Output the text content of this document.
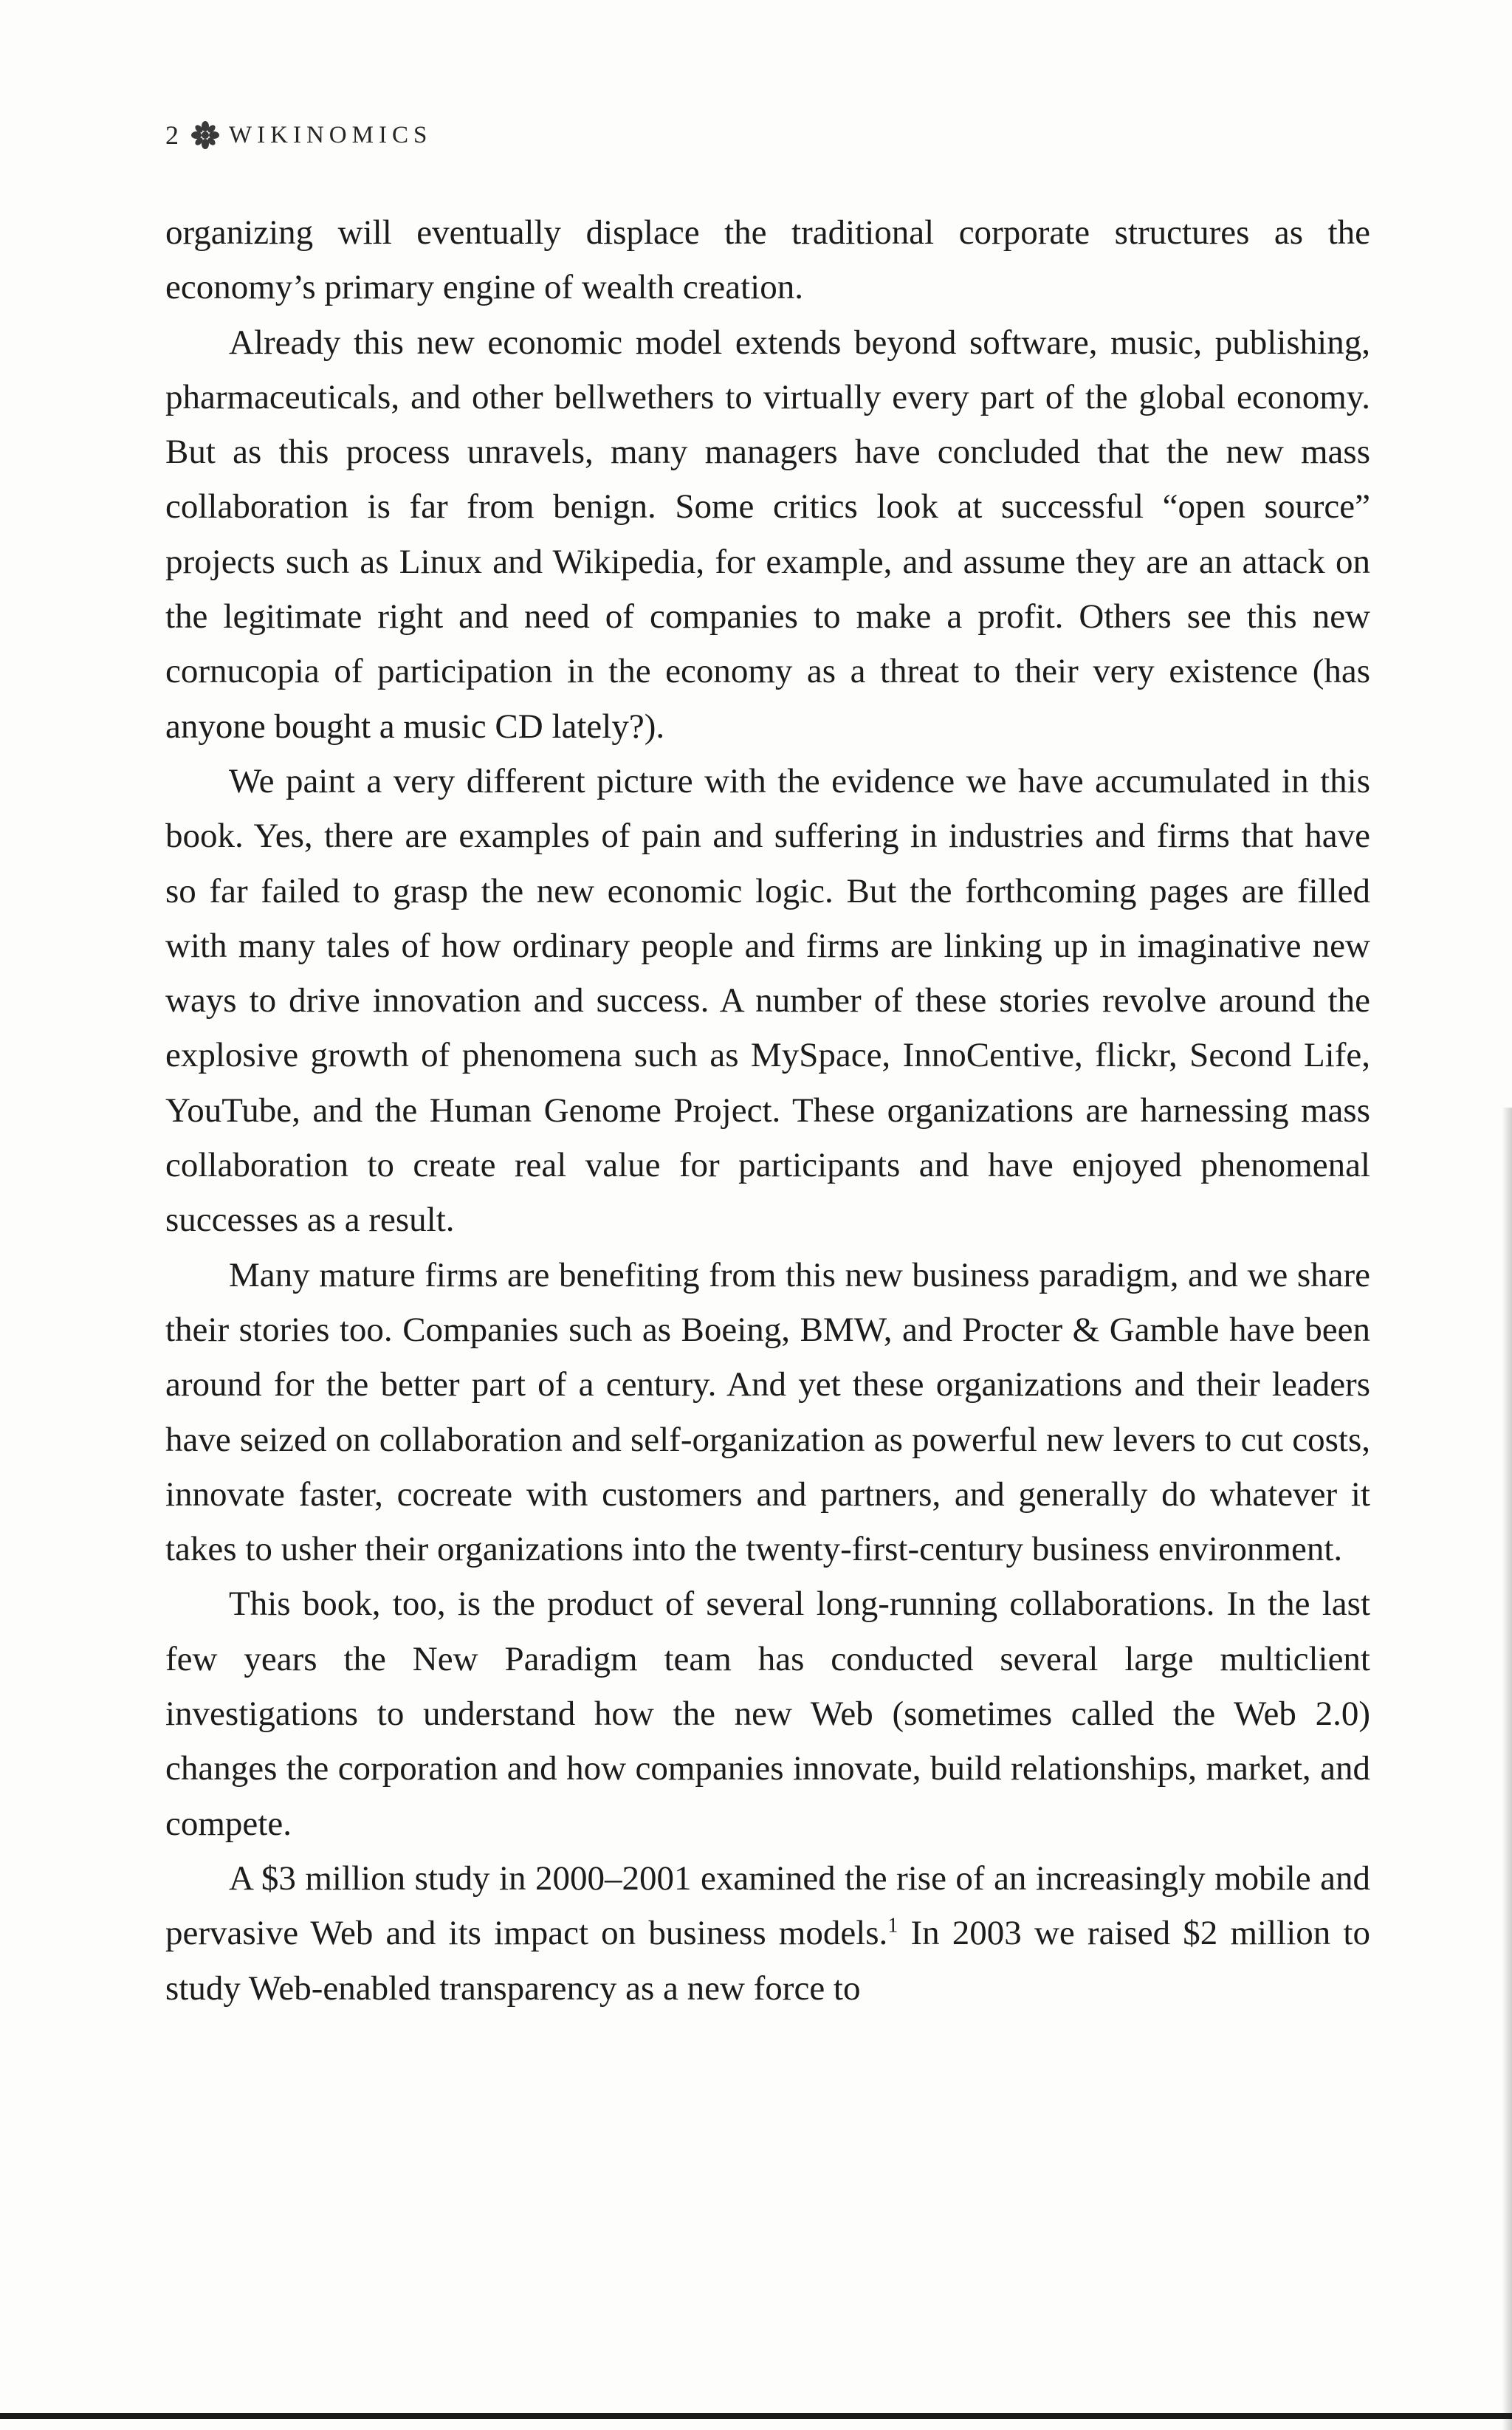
2 WIKINOMICS

organizing will eventually displace the traditional corporate structures as the economy’s primary engine of wealth creation.

Already this new economic model extends beyond software, music, publishing, pharmaceuticals, and other bellwethers to virtually every part of the global economy. But as this process unravels, many managers have concluded that the new mass collaboration is far from benign. Some critics look at successful “open source” projects such as Linux and Wikipedia, for example, and assume they are an attack on the legitimate right and need of companies to make a profit. Others see this new cornucopia of participation in the economy as a threat to their very existence (has anyone bought a music CD lately?).

We paint a very different picture with the evidence we have accumulated in this book. Yes, there are examples of pain and suffering in industries and firms that have so far failed to grasp the new economic logic. But the forthcoming pages are filled with many tales of how ordinary people and firms are linking up in imaginative new ways to drive innovation and success. A number of these stories revolve around the explosive growth of phenomena such as MySpace, InnoCentive, flickr, Second Life, YouTube, and the Human Genome Project. These organizations are harnessing mass collaboration to create real value for participants and have enjoyed phenomenal successes as a result.

Many mature firms are benefiting from this new business paradigm, and we share their stories too. Companies such as Boeing, BMW, and Procter & Gamble have been around for the better part of a century. And yet these organizations and their leaders have seized on collaboration and self-organization as powerful new levers to cut costs, innovate faster, cocreate with customers and partners, and generally do whatever it takes to usher their organizations into the twenty-first-century business environment.

This book, too, is the product of several long-running collaborations. In the last few years the New Paradigm team has conducted several large multiclient investigations to understand how the new Web (sometimes called the Web 2.0) changes the corporation and how companies innovate, build relationships, market, and compete.

A $3 million study in 2000–2001 examined the rise of an increasingly mobile and pervasive Web and its impact on business models.$^1$ In 2003 we raised $2 million to study Web-enabled transparency as a new force to
